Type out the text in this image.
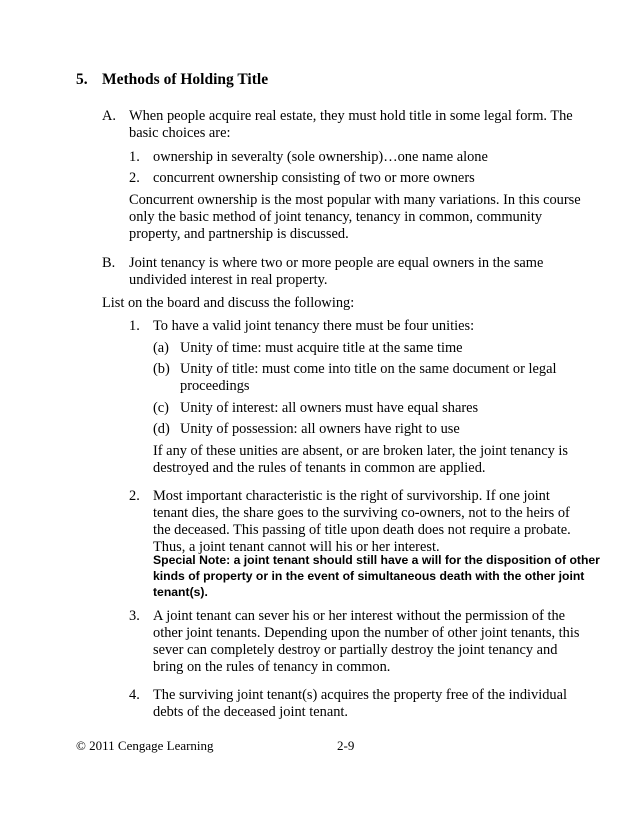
5. Methods of Holding Title
A. When people acquire real estate, they must hold title in some legal form. The
basic choices are:
1. ownership in severalty (sole ownership)…one name alone
2. concurrent ownership consisting of two or more owners
Concurrent ownership is the most popular with many variations. In this course
only the basic method of joint tenancy, tenancy in common, community
property, and partnership is discussed.
B. Joint tenancy is where two or more people are equal owners in the same
undivided interest in real property.
List on the board and discuss the following:
1. To have a valid joint tenancy there must be four unities:
(a) Unity of time: must acquire title at the same time
(b) Unity of title: must come into title on the same document or legal
proceedings
(c) Unity of interest: all owners must have equal shares
(d) Unity of possession: all owners have right to use
If any of these unities are absent, or are broken later, the joint tenancy is
destroyed and the rules of tenants in common are applied.
2. Most important characteristic is the right of survivorship. If one joint
tenant dies, the share goes to the surviving co-owners, not to the heirs of
the deceased. This passing of title upon death does not require a probate.
Thus, a joint tenant cannot will his or her interest.
Special Note: a joint tenant should still have a will for the disposition of other
kinds of property or in the event of simultaneous death with the other joint
tenant(s).
3. A joint tenant can sever his or her interest without the permission of the
other joint tenants. Depending upon the number of other joint tenants, this
sever can completely destroy or partially destroy the joint tenancy and
bring on the rules of tenancy in common.
4. The surviving joint tenant(s) acquires the property free of the individual
debts of the deceased joint tenant.
© 2011 Cengage Learning	2-9
